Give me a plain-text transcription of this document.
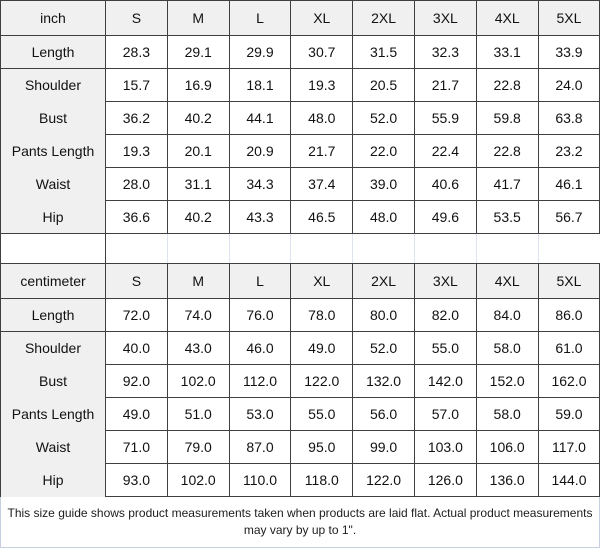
inch	S	M	L	XL	2XL	3XL	4XL	5XL
Length	28.3	29.1	29.9	30.7	31.5	32.3	33.1	33.9
Shoulder	15.7	16.9	18.1	19.3	20.5	21.7	22.8	24.0
Bust	36.2	40.2	44.1	48.0	52.0	55.9	59.8	63.8
Pants Length	19.3	20.1	20.9	21.7	22.0	22.4	22.8	23.2
Waist	28.0	31.1	34.3	37.4	39.0	40.6	41.7	46.1
Hip	36.6	40.2	43.3	46.5	48.0	49.6	53.5	56.7

centimeter	S	M	L	XL	2XL	3XL	4XL	5XL
Length	72.0	74.0	76.0	78.0	80.0	82.0	84.0	86.0
Shoulder	40.0	43.0	46.0	49.0	52.0	55.0	58.0	61.0
Bust	92.0	102.0	112.0	122.0	132.0	142.0	152.0	162.0
Pants Length	49.0	51.0	53.0	55.0	56.0	57.0	58.0	59.0
Waist	71.0	79.0	87.0	95.0	99.0	103.0	106.0	117.0
Hip	93.0	102.0	110.0	118.0	122.0	126.0	136.0	144.0
This size guide shows product measurements taken when products are laid flat. Actual product measurements may vary by up to 1".
